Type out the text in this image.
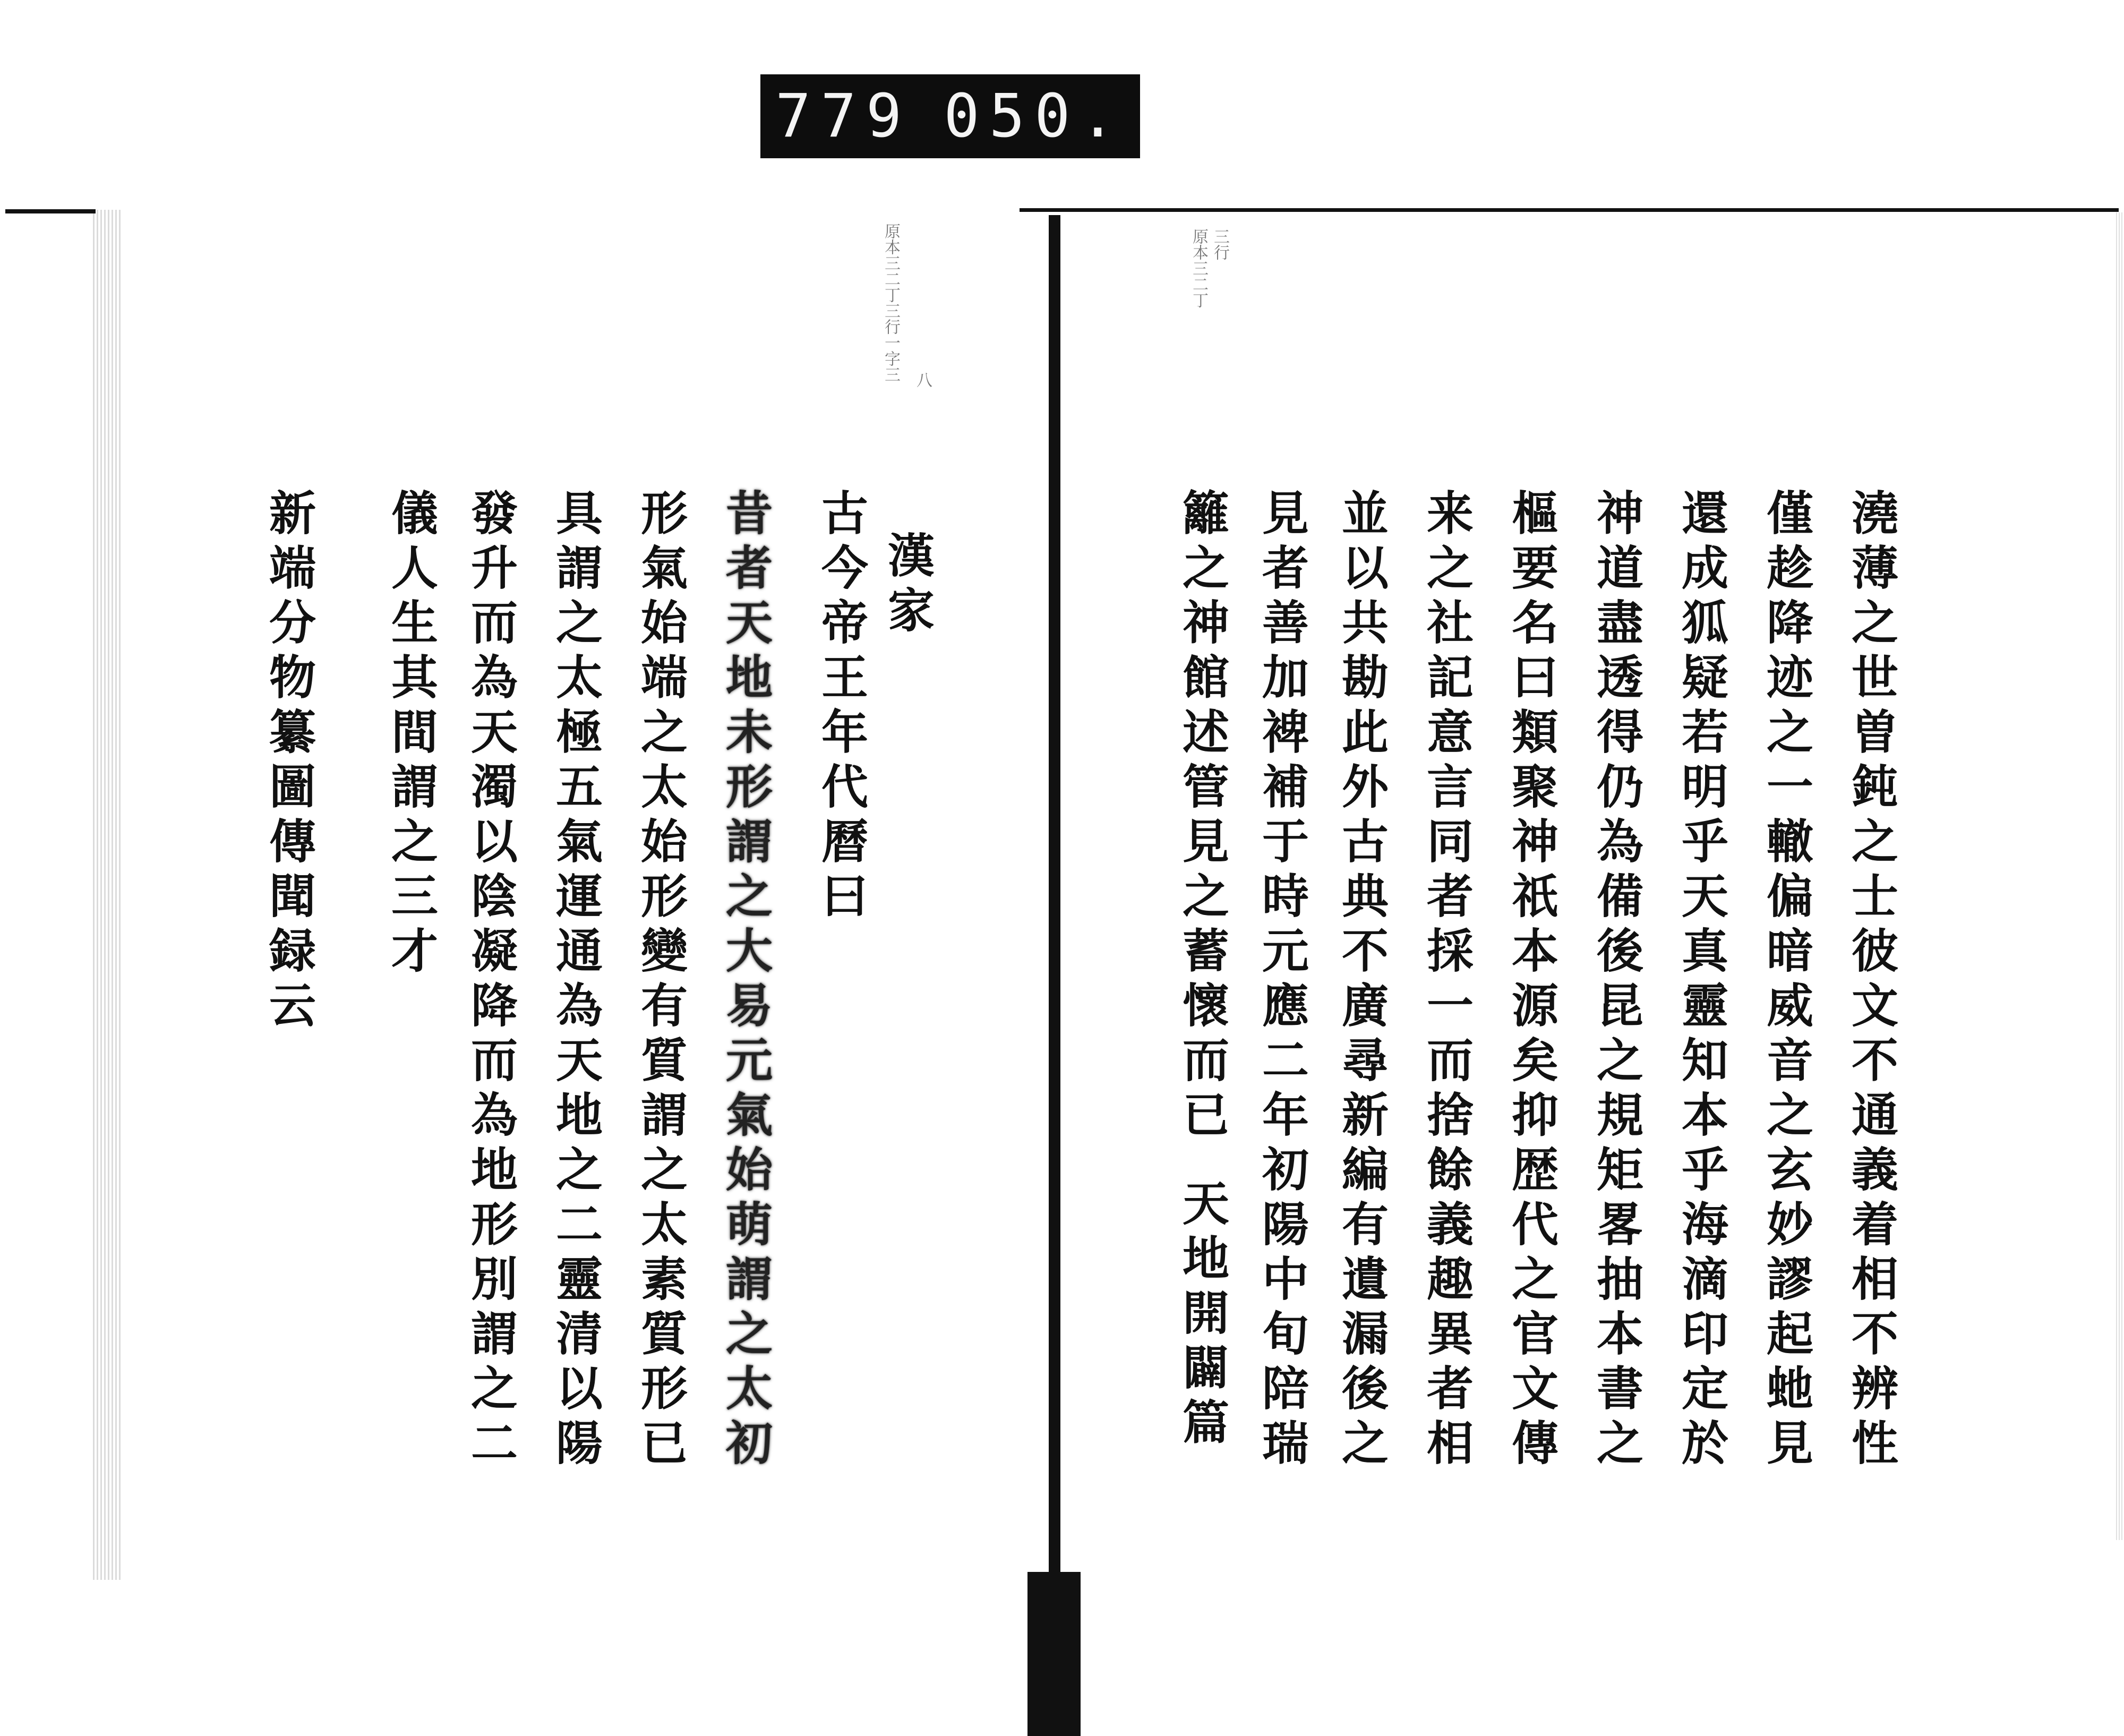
原本三二丁三行一字三 八
漢家
古今帝王年代曆曰
昔者天地未形謂之大易元氣始萌謂之太初
形氣始端之太始形變有質謂之太素質形已
具謂之太極五氣運通為天地之二靈清以陽
發升而為天濁以陰凝降而為地形別謂之二
儀人生其間謂之三才
新端分物纂圖傳聞録云
原本三二丁 三行
澆薄之世曽鈍之士彼文不通義着相不辨性
僅趁降迹之一轍偏暗威音之玄妙謬起虵見
還成狐疑若明乎天真靈知本乎海滴印定於
神道盡透得仍為備後昆之規矩畧抽本書之
樞要名曰類聚神祇本源矣抑歴代之官文傳
来之社記意言同者採一而捨餘義趣異者相
並以共勘此外古典不廣尋新編有遺漏後之
見者善加裨補于時元應二年初陽中旬陪瑞
籬之神館述管見之蓄懷而已
天地開闢篇
779 050.
